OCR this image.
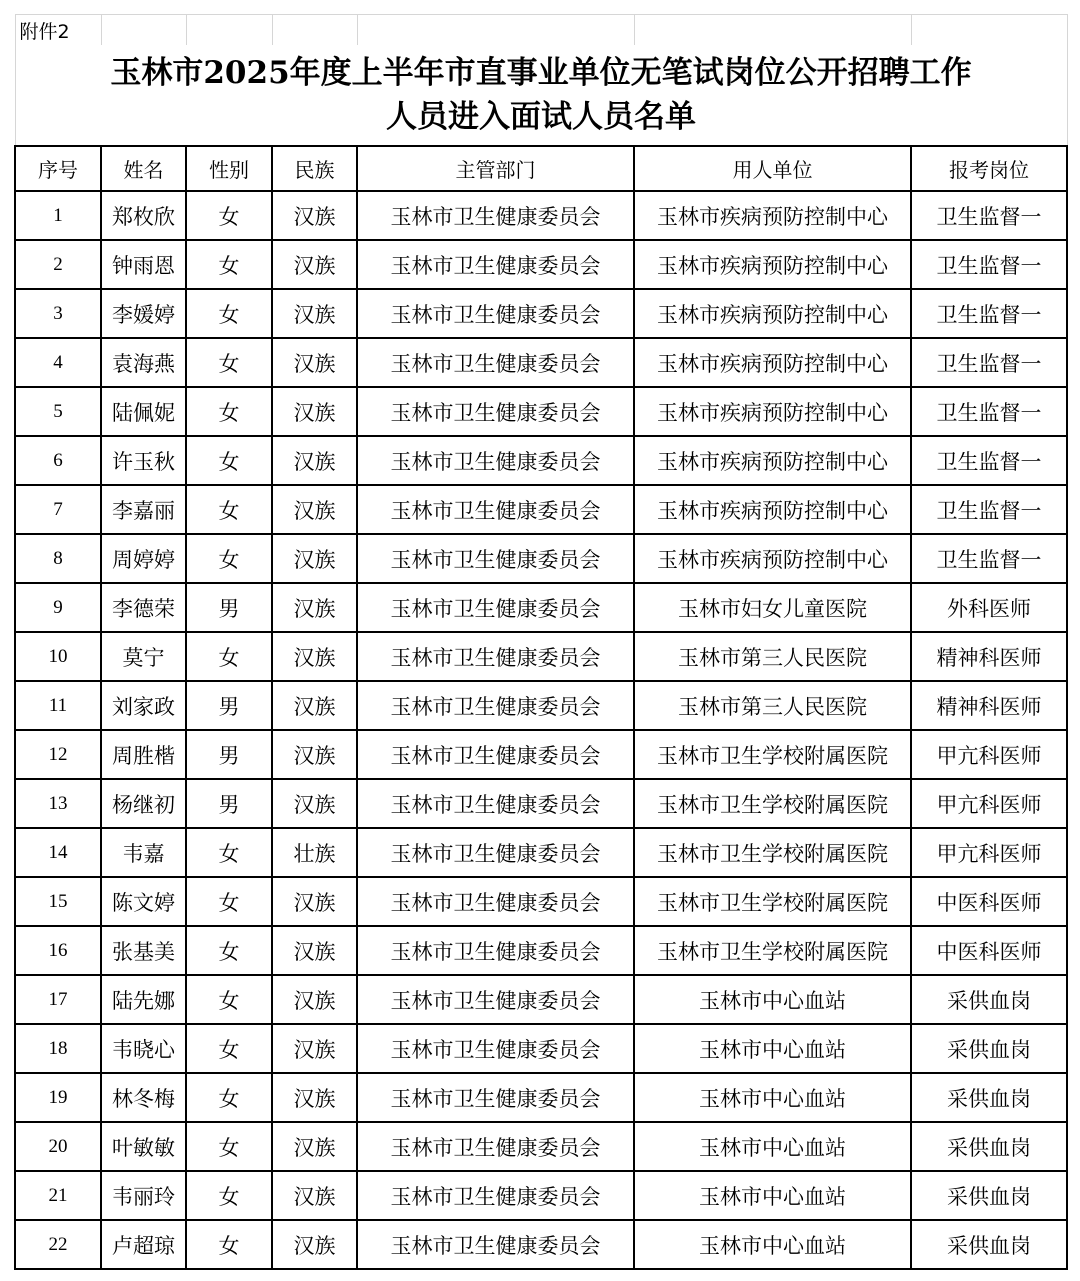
附件2						

玉林市2025年度上半年市直事业单位无笔试岗位公开招聘工作
人员进入面试人员名单						

序号	姓名	性别	民族	主管部门	用人单位	报考岗位
1	郑枚欣	女	汉族	玉林市卫生健康委员会	玉林市疾病预防控制中心	卫生监督一
2	钟雨恩	女	汉族	玉林市卫生健康委员会	玉林市疾病预防控制中心	卫生监督一
3	李媛婷	女	汉族	玉林市卫生健康委员会	玉林市疾病预防控制中心	卫生监督一
4	袁海燕	女	汉族	玉林市卫生健康委员会	玉林市疾病预防控制中心	卫生监督一
5	陆佩妮	女	汉族	玉林市卫生健康委员会	玉林市疾病预防控制中心	卫生监督一
6	许玉秋	女	汉族	玉林市卫生健康委员会	玉林市疾病预防控制中心	卫生监督一
7	李嘉丽	女	汉族	玉林市卫生健康委员会	玉林市疾病预防控制中心	卫生监督一
8	周婷婷	女	汉族	玉林市卫生健康委员会	玉林市疾病预防控制中心	卫生监督一
9	李德荣	男	汉族	玉林市卫生健康委员会	玉林市妇女儿童医院	外科医师
10	莫宁	女	汉族	玉林市卫生健康委员会	玉林市第三人民医院	精神科医师
11	刘家政	男	汉族	玉林市卫生健康委员会	玉林市第三人民医院	精神科医师
12	周胜楷	男	汉族	玉林市卫生健康委员会	玉林市卫生学校附属医院	甲亢科医师
13	杨继初	男	汉族	玉林市卫生健康委员会	玉林市卫生学校附属医院	甲亢科医师
14	韦嘉	女	壮族	玉林市卫生健康委员会	玉林市卫生学校附属医院	甲亢科医师
15	陈文婷	女	汉族	玉林市卫生健康委员会	玉林市卫生学校附属医院	中医科医师
16	张基美	女	汉族	玉林市卫生健康委员会	玉林市卫生学校附属医院	中医科医师
17	陆先娜	女	汉族	玉林市卫生健康委员会	玉林市中心血站	采供血岗
18	韦晓心	女	汉族	玉林市卫生健康委员会	玉林市中心血站	采供血岗
19	林冬梅	女	汉族	玉林市卫生健康委员会	玉林市中心血站	采供血岗
20	叶敏敏	女	汉族	玉林市卫生健康委员会	玉林市中心血站	采供血岗
21	韦丽玲	女	汉族	玉林市卫生健康委员会	玉林市中心血站	采供血岗
22	卢超琼	女	汉族	玉林市卫生健康委员会	玉林市中心血站	采供血岗
